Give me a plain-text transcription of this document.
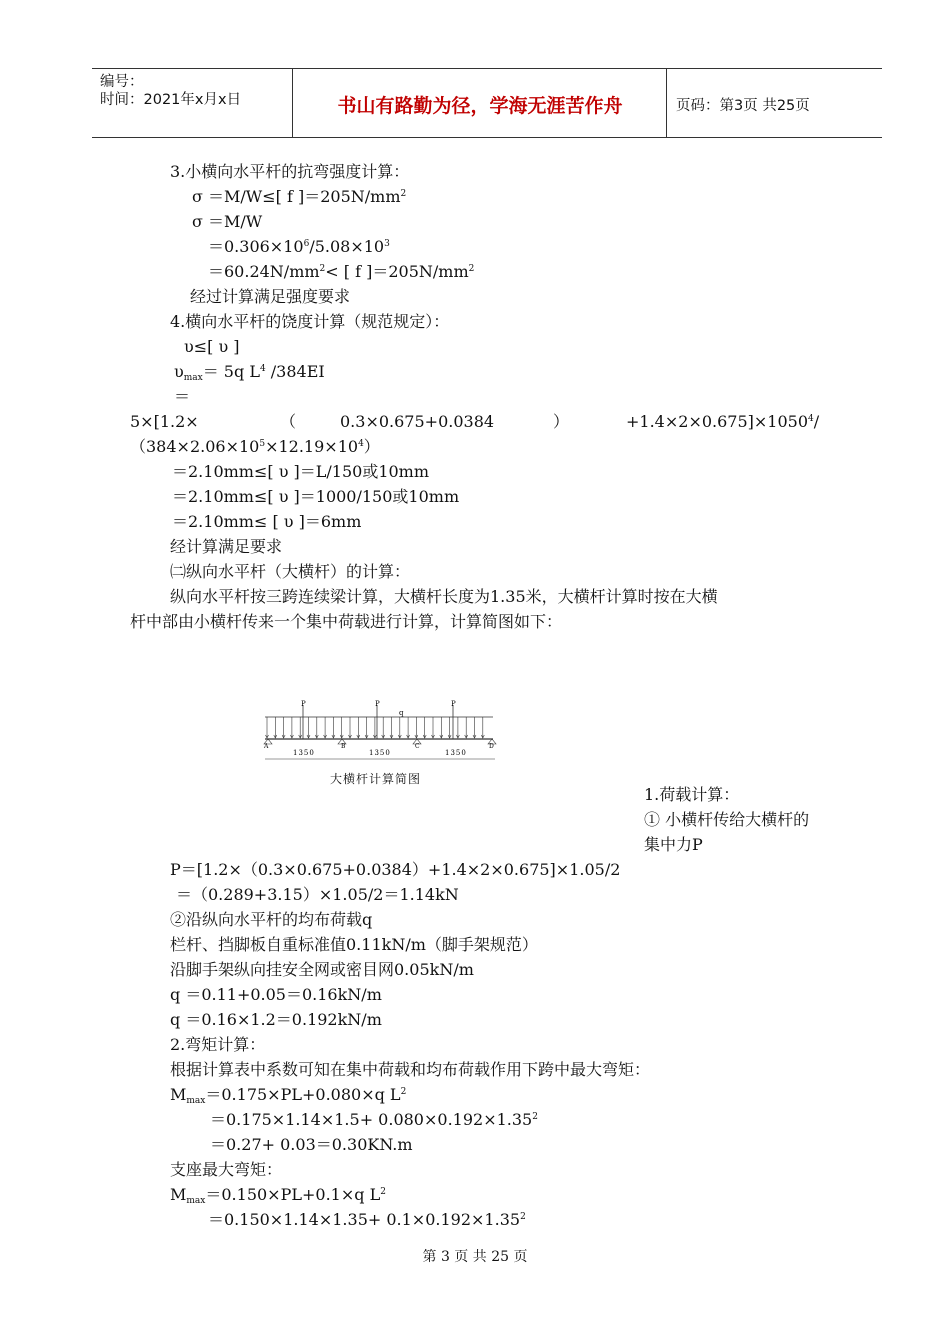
编号：
时间：2021年x月x日	书山有路勤为径，学海无涯苦作舟	页码：第3页 共25页
3.小横向水平杆的抗弯强度计算：
σ ＝M/W≤[ f ]$=205N/mm^2$
σ ＝M/W
$=0.306\times 10^6/5.08\times 10^3$
$=60.24N/mm^2<$ [ f ]$=205N/mm^2$
经过计算满足强度要求
4.横向水平杆的饶度计算（规范规定）：
υ≤[ υ ]
$\upsilon_{max}= 5q$ $L^4$ /384EI
＝
5×[1.2×	（	0.3×0.675+0.0384	）	$+1.4\times 2\times 0.675]\times 1050^4/$
$(384\times 2.06\times 10^5\times 12.19\times 10^4)$
＝2.10mm≤[ υ ]＝L/150或10mm
＝2.10mm≤[ υ ]＝1000/150或10mm
＝2.10mm≤ [ υ ]＝6mm
经计算满足要求
㈡纵向水平杆（大横杆）的计算：
纵向水平杆按三跨连续梁计算，大横杆长度为1.35米，大横杆计算时按在大横
杆中部由小横杆传来一个集中荷载进行计算，计算简图如下：
P	P	P
q
A	B	C	D
1350	1350	1350
大横杆计算简图
1.荷载计算：
① 小横杆传给大横杆的
集中力P
P＝[1.2×（0.3×0.675+0.0384）+1.4×2×0.675]×1.05/2
＝（0.289+3.15）×1.05/2＝1.14kN
②沿纵向水平杆的均布荷载q
栏杆、挡脚板自重标准值0.11kN/m（脚手架规范）
沿脚手架纵向挂安全网或密目网0.05kN/m
q ＝0.11+0.05＝0.16kN/m
q ＝0.16×1.2＝0.192kN/m
2.弯矩计算：
根据计算表中系数可知在集中荷载和均布荷载作用下跨中最大弯矩：
$M_{max}=0.175\times PL+0.080\times q$ $L^2$
$=0.175\times 1.14\times 1.5+ 0.080\times 0.192\times 1.35^2$
＝0.27+ 0.03＝0.30KN.m
支座最大弯矩：
$M_{max}=0.150\times PL+0.1\times q$ $L^2$
$=0.150\times 1.14\times 1.35+ 0.1\times 0.192\times 1.35^2$
第 3 页 共 25 页
